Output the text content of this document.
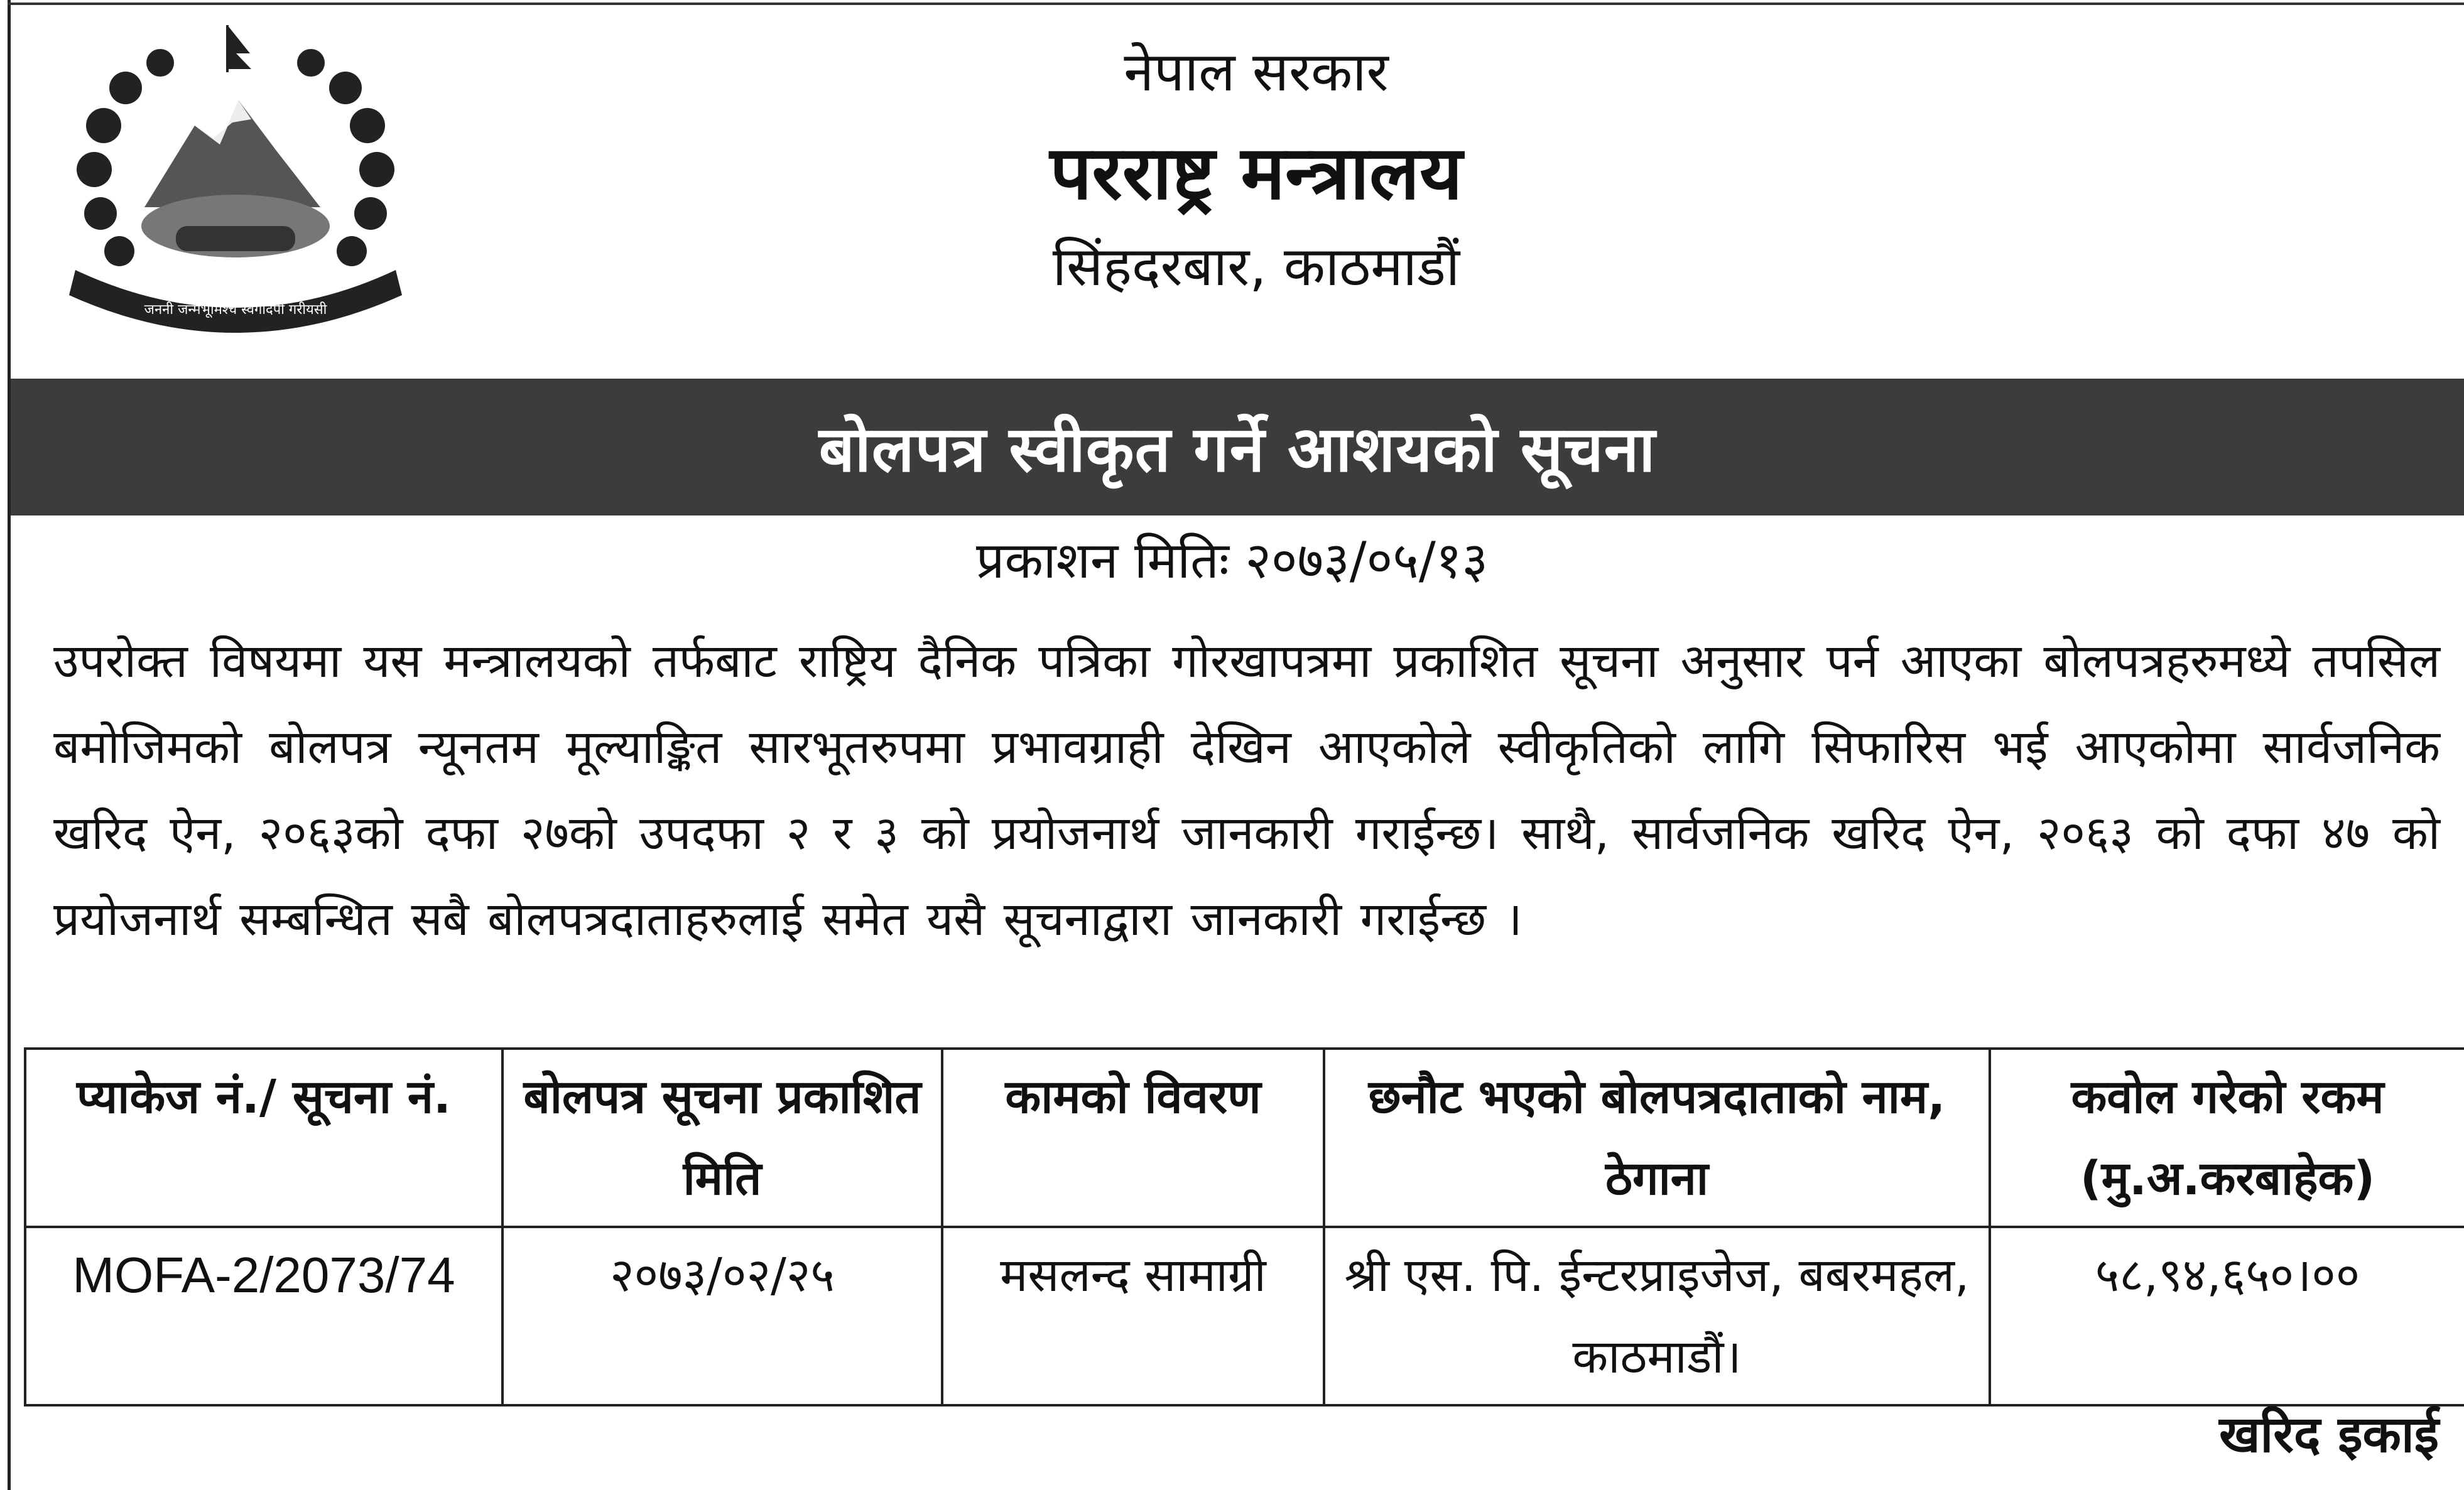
जननी जन्मभूमिश्च स्वर्गादपी गरीयसी

नेपाल सरकार

परराष्ट्र मन्त्रालय

सिंहदरबार, काठमाडौं

बोलपत्र स्वीकृत गर्ने आशयको सूचना
प्रकाशन मितिः २०७३/०५/१३
उपरोक्त विषयमा यस मन्त्रालयको तर्फबाट राष्ट्रिय दैनिक पत्रिका गोरखापत्रमा प्रकाशित सूचना अनुसार पर्न आएका बोलपत्रहरुमध्ये तपसिल बमोजिमको बोलपत्र न्यूनतम मूल्याङ्कित सारभूतरुपमा प्रभावग्राही देखिन आएकोले स्वीकृतिको लागि सिफारिस भई आएकोमा सार्वजनिक खरिद ऐन, २०६३को दफा २७को उपदफा २ र ३ को प्रयोजनार्थ जानकारी गराईन्छ। साथै, सार्वजनिक खरिद ऐन, २०६३ को दफा ४७ को प्रयोजनार्थ सम्बन्धित सबै बोलपत्रदाताहरुलाई समेत यसै सूचनाद्वारा जानकारी गराईन्छ ।
प्याकेज नं./ सूचना नं.	बोलपत्र सूचना प्रकाशित मिति	कामको विवरण	छनौट भएको बोलपत्रदाताको नाम, ठेगाना	कवोल गरेको रकम (मु.अ.करबाहेक)
MOFA-2/2073/74	२०७३/०२/२५	मसलन्द सामाग्री	श्री एस. पि. ईन्टरप्राइजेज, बबरमहल, काठमाडौं।	५८,९४,६५०।००
खरिद इकाई
